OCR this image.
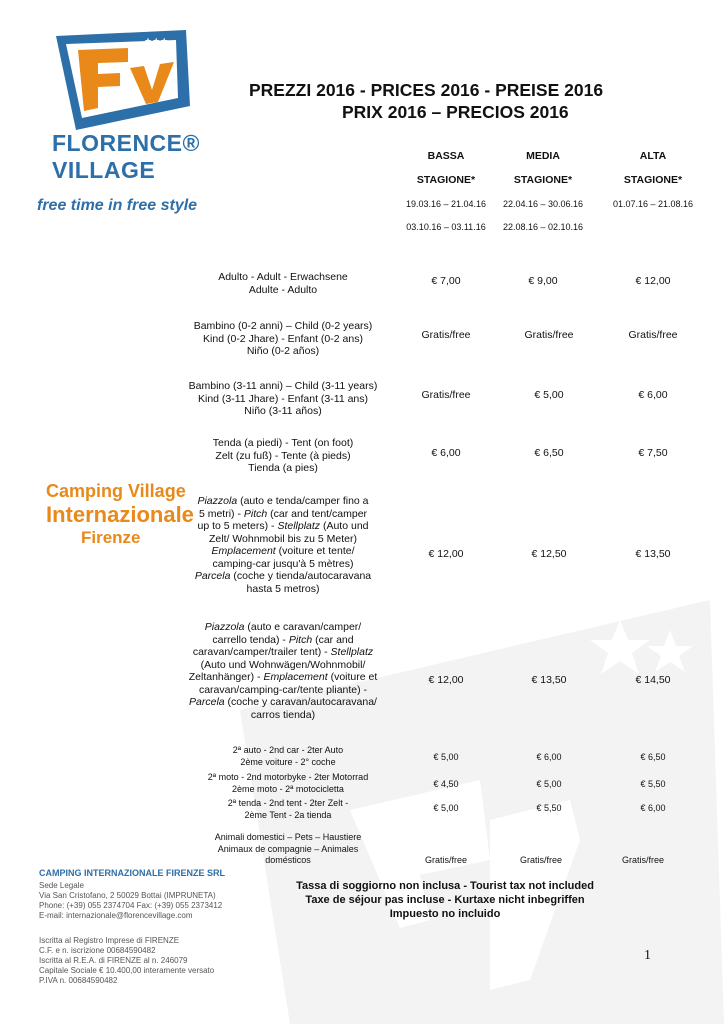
★★★
FLORENCE®
VILLAGE
free time in free style
Camping Village
Internazionale
Firenze
PREZZI 2016 - PRICES 2016 - PREISE 2016
PRIX 2016 – PRECIOS 2016
BASSA	MEDIA	ALTA
STAGIONE*	STAGIONE*	STAGIONE*
19.03.16 – 21.04.16	22.04.16 – 30.06.16	01.07.16 – 21.08.16
03.10.16 – 03.11.16	22.08.16 – 02.10.16
Adulto - Adult - Erwachsene
Adulte - Adulto
€ 7,00	€ 9,00	€ 12,00
Bambino (0-2 anni) – Child (0-2 years)
Kind (0-2 Jhare) - Enfant (0-2 ans)
Niño (0-2 años)
Gratis/free	Gratis/free	Gratis/free
Bambino (3-11 anni) – Child (3-11 years)
Kind (3-11 Jhare) - Enfant (3-11 ans)
Niño (3-11 años)
Gratis/free	€ 5,00	€ 6,00
Tenda (a piedi) - Tent (on foot)
Zelt (zu fuß) - Tente (à pieds)
Tienda (a pies)
€ 6,00	€ 6,50	€ 7,50
Piazzola (auto e tenda/camper fino a
5 metri) - Pitch (car and tent/camper
up to 5 meters) - Stellplatz (Auto und
Zelt/ Wohnmobil bis zu 5 Meter)
Emplacement (voiture et tente/
camping-car jusqu'à 5 mètres)
Parcela (coche y tienda/autocaravana
hasta 5 metros)
€ 12,00	€ 12,50	€ 13,50
Piazzola (auto e caravan/camper/
carrello tenda) - Pitch (car and
caravan/camper/trailer tent) - Stellplatz
(Auto und Wohnwägen/Wohnmobil/
Zeltanhänger) - Emplacement (voiture et
caravan/camping-car/tente pliante) -
Parcela (coche y caravan/autocaravana/
carros tienda)
€ 12,00	€ 13,50	€ 14,50
2ª auto - 2nd car - 2ter Auto
2ème voiture - 2° coche	€ 5,00	€ 6,00	€ 6,50
2ª moto - 2nd motorbyke - 2ter Motorrad
2ème moto - 2ª motocicletta	€ 4,50	€ 5,00	€ 5,50
2ª tenda - 2nd tent - 2ter Zelt -
2ème Tent - 2a tienda
€ 5,00	€ 5,50	€ 6,00
Animali domestici – Pets – Haustiere
Animaux de compagnie – Animales
domésticos	Gratis/free	Gratis/free	Gratis/free
Tassa di soggiorno non inclusa - Tourist tax not included
Taxe de séjour pas incluse - Kurtaxe nicht inbegriffen
Impuesto no incluido
CAMPING INTERNAZIONALE FIRENZE SRL
Sede Legale
Via San Cristofano, 2 50029 Bottai (IMPRUNETA)
Phone: (+39) 055 2374704 Fax: (+39) 055 2373412
E-mail: internazionale@florencevillage.com
Iscritta al Registro Imprese di FIRENZE
C.F. e n. iscrizione 00684590482
Iscritta al R.E.A. di FIRENZE al n. 246079
Capitale Sociale € 10.400,00 interamente versato
P.IVA n. 00684590482
1
